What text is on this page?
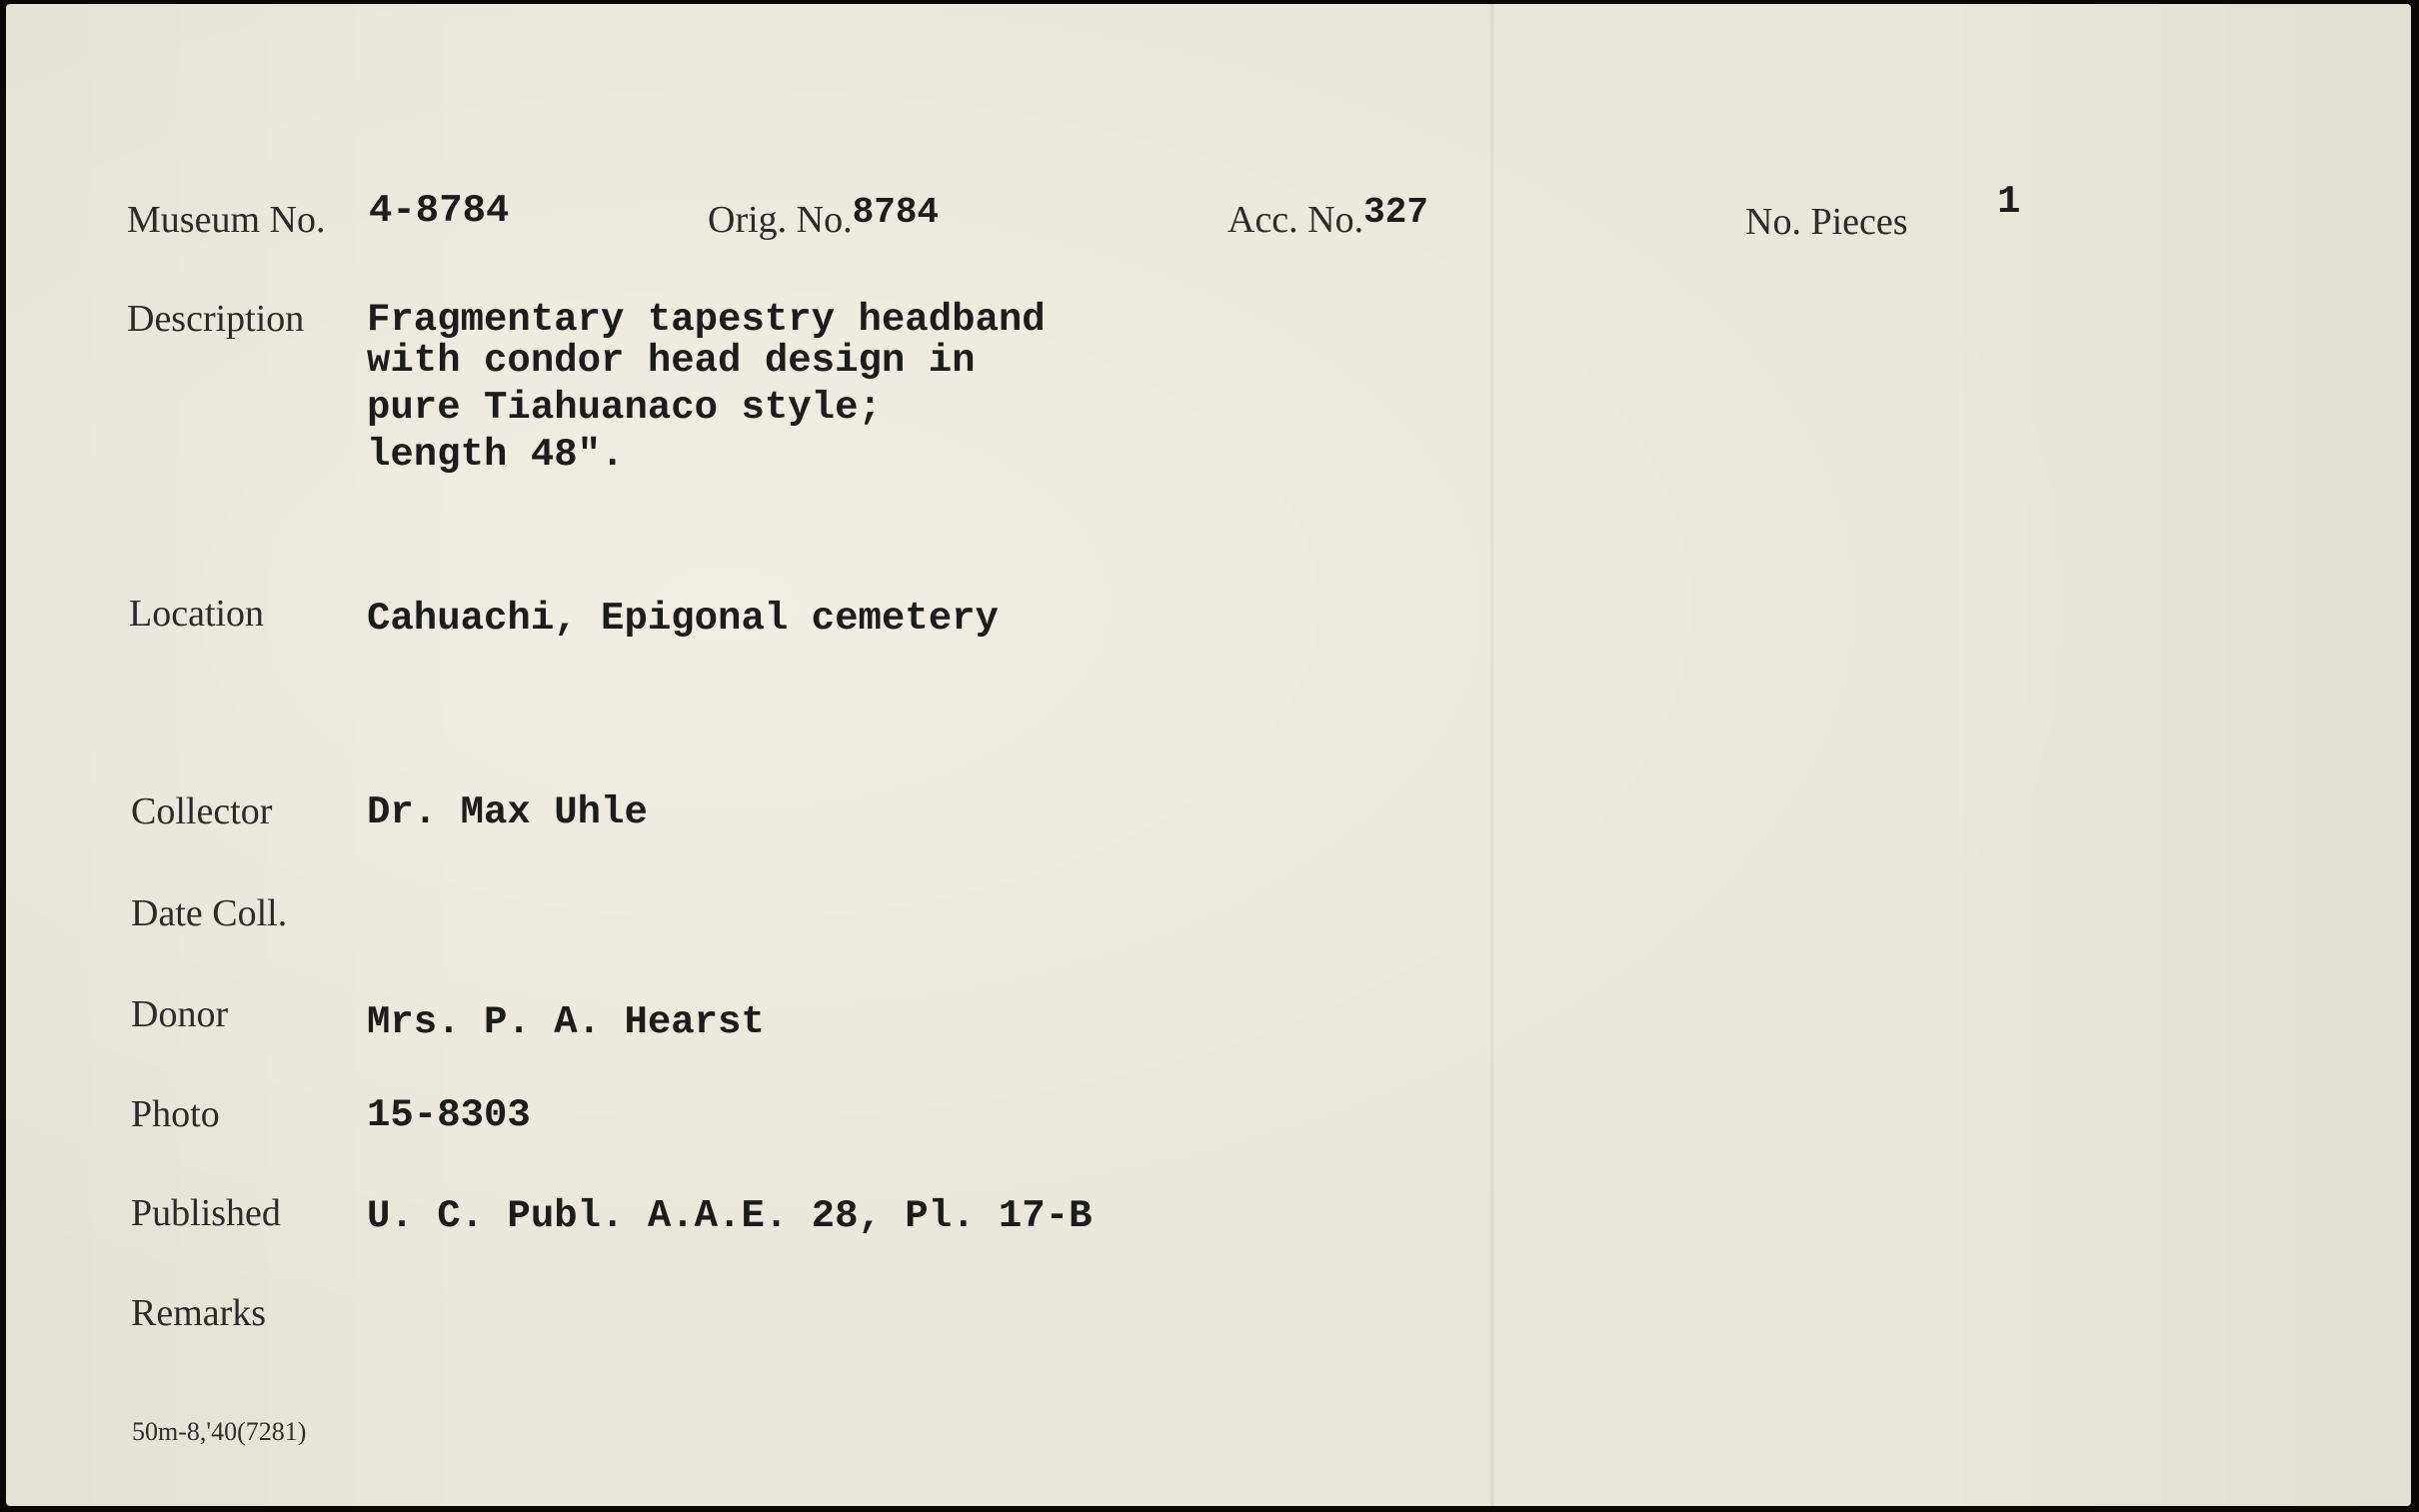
Museum No. 4-8784	Orig. No.8784	Acc. No.327	No. Pieces 1
Description Fragmentary tapestry headband
with condor head design in
pure Tiahuanaco style;
length 48".
Location	Cahuachi, Epigonal cemetery
Collector Dr. Max Uhle
Date Coll.
Donor	Mrs. P. A. Hearst
Photo	15-8303
Published U. C. Publ. A.A.E. 28, Pl. 17-B
Remarks
50m-8,'40(7281)
